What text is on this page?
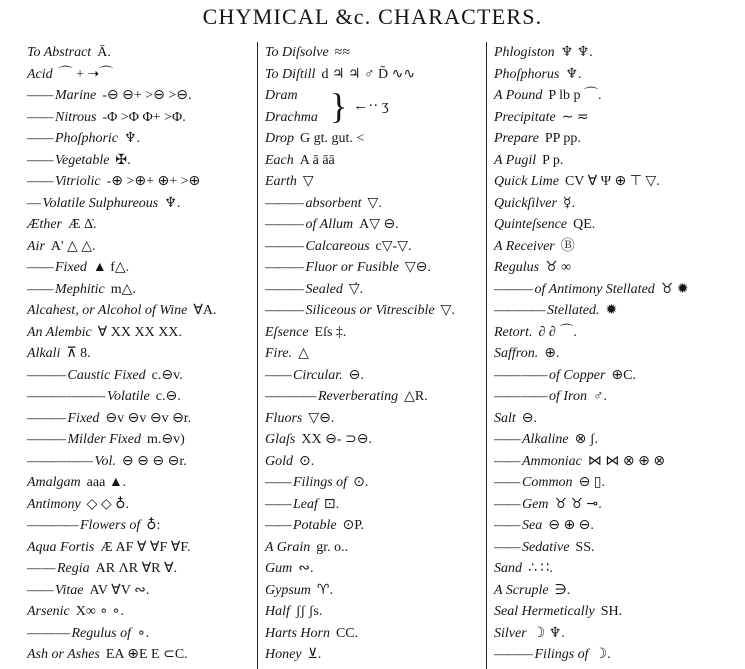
CHYMICAL &c. CHARACTERS.
To Abstract Ā.
Acid ⌒ + ➝⌒
—— Marine -⊖ ⊖+ >⊖ >⊖.
—— Nitrous -Φ >Φ Φ+ >Φ.
—— Phoſphoric ♆.
—— Vegetable ✠.
—— Vitriolic -⊕ >⊕+ ⊕+ >⊕
— Volatile Sulphureous ♆.
Æther Æ Δ̇.
Air A' △ △.
—— Fixed ▲ f△.
—— Mephitic m△.
Alcahest, or Alcohol of Wine ∀A.
An Alembic ∀ XX XX XX.
Alkali ⊼ 8.
——— Caustic Fixed c.⊖v.
——— ——— Volatile c.⊖.
——— Fixed ⊖v ⊖v ⊖v ⊖r.
——— Milder Fixed m.⊖v)
——— —— Vol. ⊖ ⊖ ⊖ ⊖r.
Amalgam aaa ▲.
Antimony ◇ ◇ ♁.
———— Flowers of ♁:
Aqua Fortis Æ AF ∀ ∀F ∀F.
— — Regia AR ɅR ∀R ∀.
—— Vitae AV ∀V ∾.
Arsenic X∞ ∘ ∘.
— — — Regulus of ∘.
Ash or Ashes EA ⊕E E ⊂C.
To Diſsolve ≈≈
To Diſtill d ♃ ♃ ♂ D̃ ∿∿
Dram
Drachma
Drop G gt. gut. <
Each A ā āā
Earth ▽
——— absorbent ▽.
——— of Allum A▽ ⊖.
——— Calcareous c▽-▽.
——— Fluor or Fusible ▽⊖.
——— Sealed ▽̇.
——— Siliceous or Vitrescible ▽.
Eſsence Eſs ‡.
Fire. △
—— Circular. ⊖.
———— Reverberating △R.
Fluors ▽⊖.
Glaſs XX ⊖- ⊃⊖.
Gold ⊙.
—— Filings of ⊙.
—— Leaf ⊡.
—— Potable ⊙P.
A Grain gr. o..
Gum ∾.
Gypsum ♈.
Half ʃʃ ʃs.
Harts Horn CC.
Honey ⊻.
} ←·· ʒ
Phlogiston ♆ ♆.
Phoſphorus ♆.
A Pound P lb p ⌒.
Precipitate ∼ ≂
Prepare PP pp.
A Pugil P p.
Quick Lime CV ∀ Ψ ⊕ ⊤ ▽.
Quickſilver ☿.
Quinteſsence QE.
A Receiver Ⓑ
Regulus ♉ ∞
——— of Antimony Stellated ♉ ✹
———— Stellated. ✹
Retort. ∂ ∂ ⌒.
Saffron. ⊕.
—— —— of Copper ⊕C.
—— —— of Iron ♂.
Salt ⊖.
—— Alkaline ⊗ ʃ.
—— Ammoniac ⋈ ⋈ ⊗ ⊕ ⊗
—— Common ⊖ ▯.
—— Gem ♉ ♉ ⊸.
—— Sea ⊖ ⊕ ⊖.
—— Sedative SS.
Sand ∴ ∷.
A Scruple ∋.
Seal Hermetically SH.
Silver ☽ ♆.
——— Filings of ☽.
